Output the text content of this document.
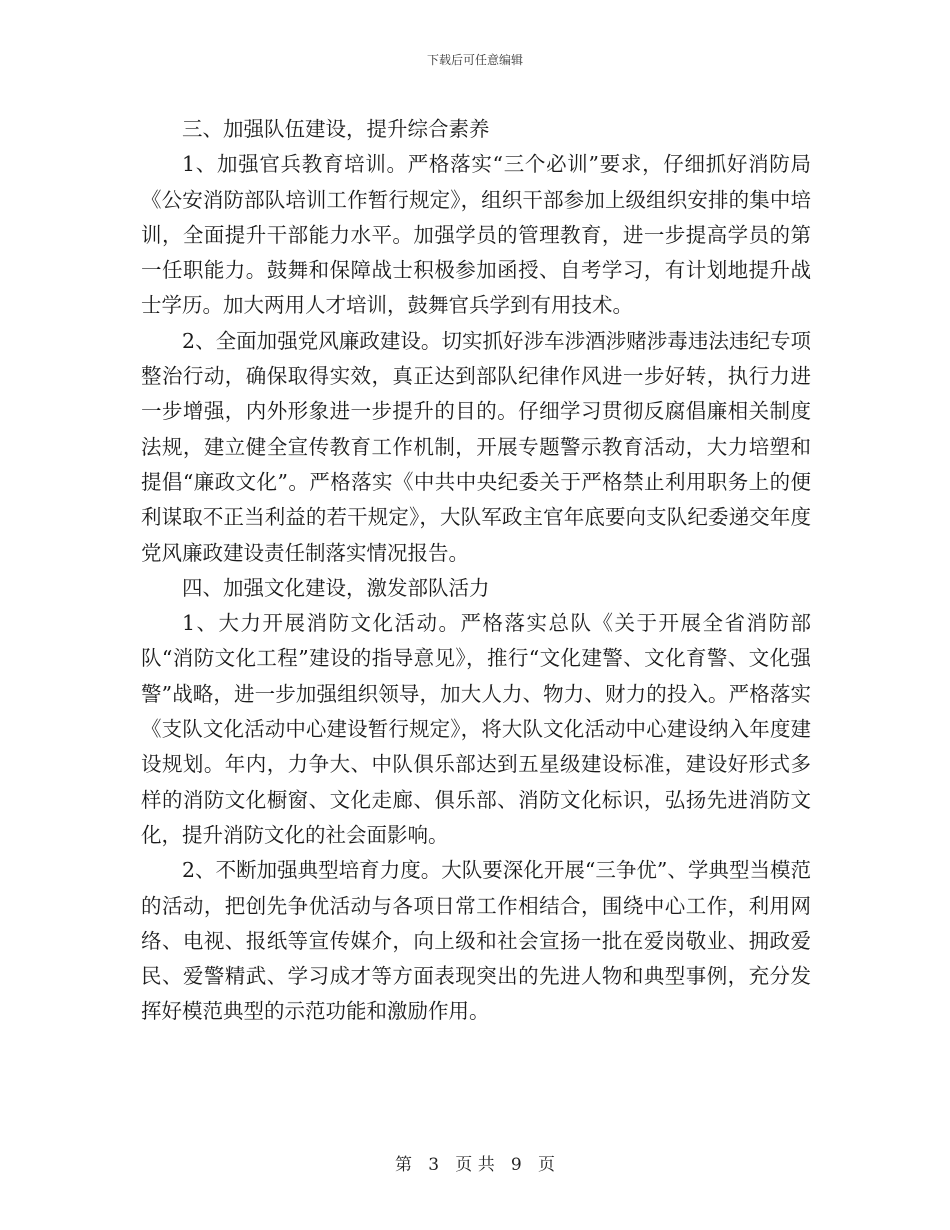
下载后可任意编辑

三、加强队伍建设，提升综合素养

1、加强官兵教育培训。严格落实“三个必训”要求，仔细抓好消防局《公安消防部队培训工作暂行规定》，组织干部参加上级组织安排的集中培训，全面提升干部能力水平。加强学员的管理教育，进一步提高学员的第一任职能力。鼓舞和保障战士积极参加函授、自考学习，有计划地提升战士学历。加大两用人才培训，鼓舞官兵学到有用技术。

2、全面加强党风廉政建设。切实抓好涉车涉酒涉赌涉毒违法违纪专项整治行动，确保取得实效，真正达到部队纪律作风进一步好转，执行力进一步增强，内外形象进一步提升的目的。仔细学习贯彻反腐倡廉相关制度法规，建立健全宣传教育工作机制，开展专题警示教育活动，大力培塑和提倡“廉政文化”。严格落实《中共中央纪委关于严格禁止利用职务上的便利谋取不正当利益的若干规定》，大队军政主官年底要向支队纪委递交年度党风廉政建设责任制落实情况报告。

四、加强文化建设，激发部队活力

1、大力开展消防文化活动。严格落实总队《关于开展全省消防部队“消防文化工程”建设的指导意见》，推行“文化建警、文化育警、文化强警”战略，进一步加强组织领导，加大人力、物力、财力的投入。严格落实《支队文化活动中心建设暂行规定》，将大队文化活动中心建设纳入年度建设规划。年内，力争大、中队俱乐部达到五星级建设标准，建设好形式多样的消防文化橱窗、文化走廊、俱乐部、消防文化标识，弘扬先进消防文化，提升消防文化的社会面影响。

2、不断加强典型培育力度。大队要深化开展“三争优”、学典型当模范的活动，把创先争优活动与各项日常工作相结合，围绕中心工作，利用网络、电视、报纸等宣传媒介，向上级和社会宣扬一批在爱岗敬业、拥政爱民、爱警精武、学习成才等方面表现突出的先进人物和典型事例，充分发挥好模范典型的示范功能和激励作用。

第 3 页 共 9 页
